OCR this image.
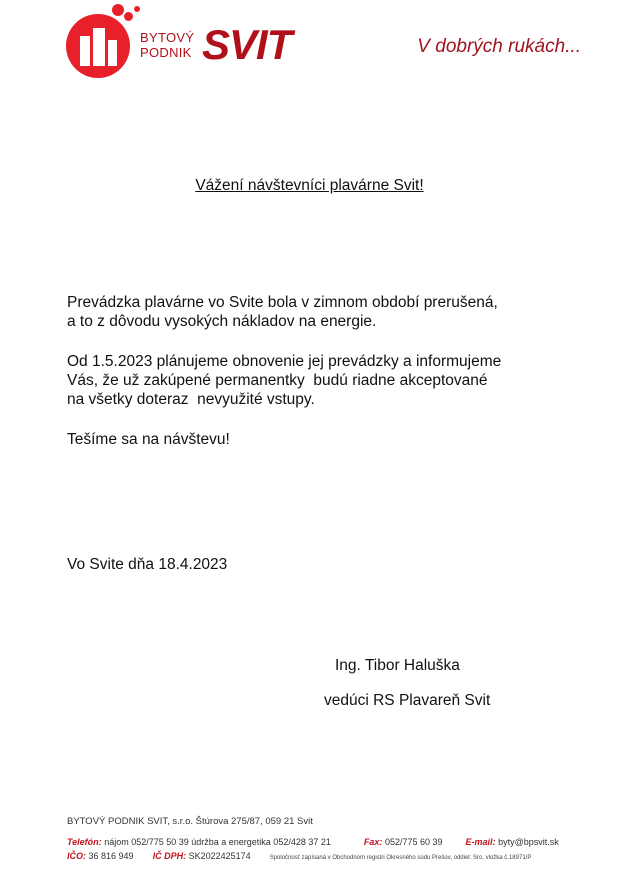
BYTOVÝ
PODNIK SVIT	V dobrých rukách...
Vážení návštevníci plavárne Svit!
Prevádzka plavárne vo Svite bola v zimnom období prerušená,
a to z dôvodu vysokých nákladov na energie.
Od 1.5.2023 plánujeme obnovenie jej prevádzky a informujeme
Vás, že už zakúpené permanentky  budú riadne akceptované
na všetky doteraz  nevyužité vstupy.
Tešíme sa na návštevu!
Vo Svite dňa 18.4.2023
Ing. Tibor Haluška
vedúci RS Plavareň Svit
BYTOVÝ PODNIK SVIT, s.r.o. Štúrova 275/87, 059 21 Svit
Telefón: nájom 052/775 50 39 údržba a energetika 052/428 37 21	Fax: 052/775 60 39	E-mail: byty@bpsvit.sk
IČO: 36 816 949 IČ DPH: SK2022425174	Spoločnosť zapísaná v Obchodnom registri Okresného súdu Prešov, oddiel: Sro, vložka č.18971/P
